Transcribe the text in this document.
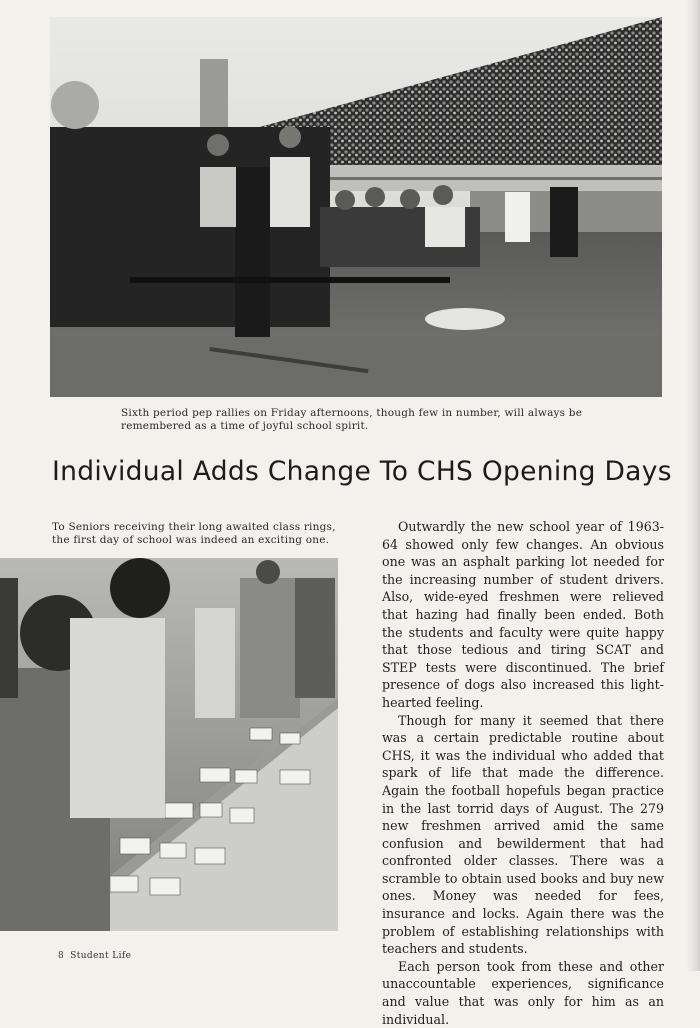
Sixth period pep rallies on Friday afternoons, though few in number, will always be remembered as a time of joyful school spirit.
Individual Adds Change To CHS Opening Days
To Seniors receiving their long awaited class rings, the first day of school was indeed an exciting one.

Outwardly the new school year of 1963-64 showed only few changes. An obvious one was an asphalt parking lot needed for the increasing number of student drivers. Also, wide-eyed freshmen were relieved that hazing had finally been ended. Both the students and faculty were quite happy that those tedious and tiring SCAT and STEP tests were discontinued. The brief presence of dogs also increased this light-hearted feeling.

Though for many it seemed that there was a certain predictable routine about CHS, it was the individual who added that spark of life that made the difference. Again the football hopefuls began practice in the last torrid days of August. The 279 new freshmen arrived amid the same confusion and bewilderment that had confronted older classes. There was a scramble to obtain used books and buy new ones. Money was needed for fees, insurance and locks. Again there was the problem of establishing relationships with teachers and students.

Each person took from these and other unaccountable experiences, significance and value that was only for him as an individual.

8 Student Life
